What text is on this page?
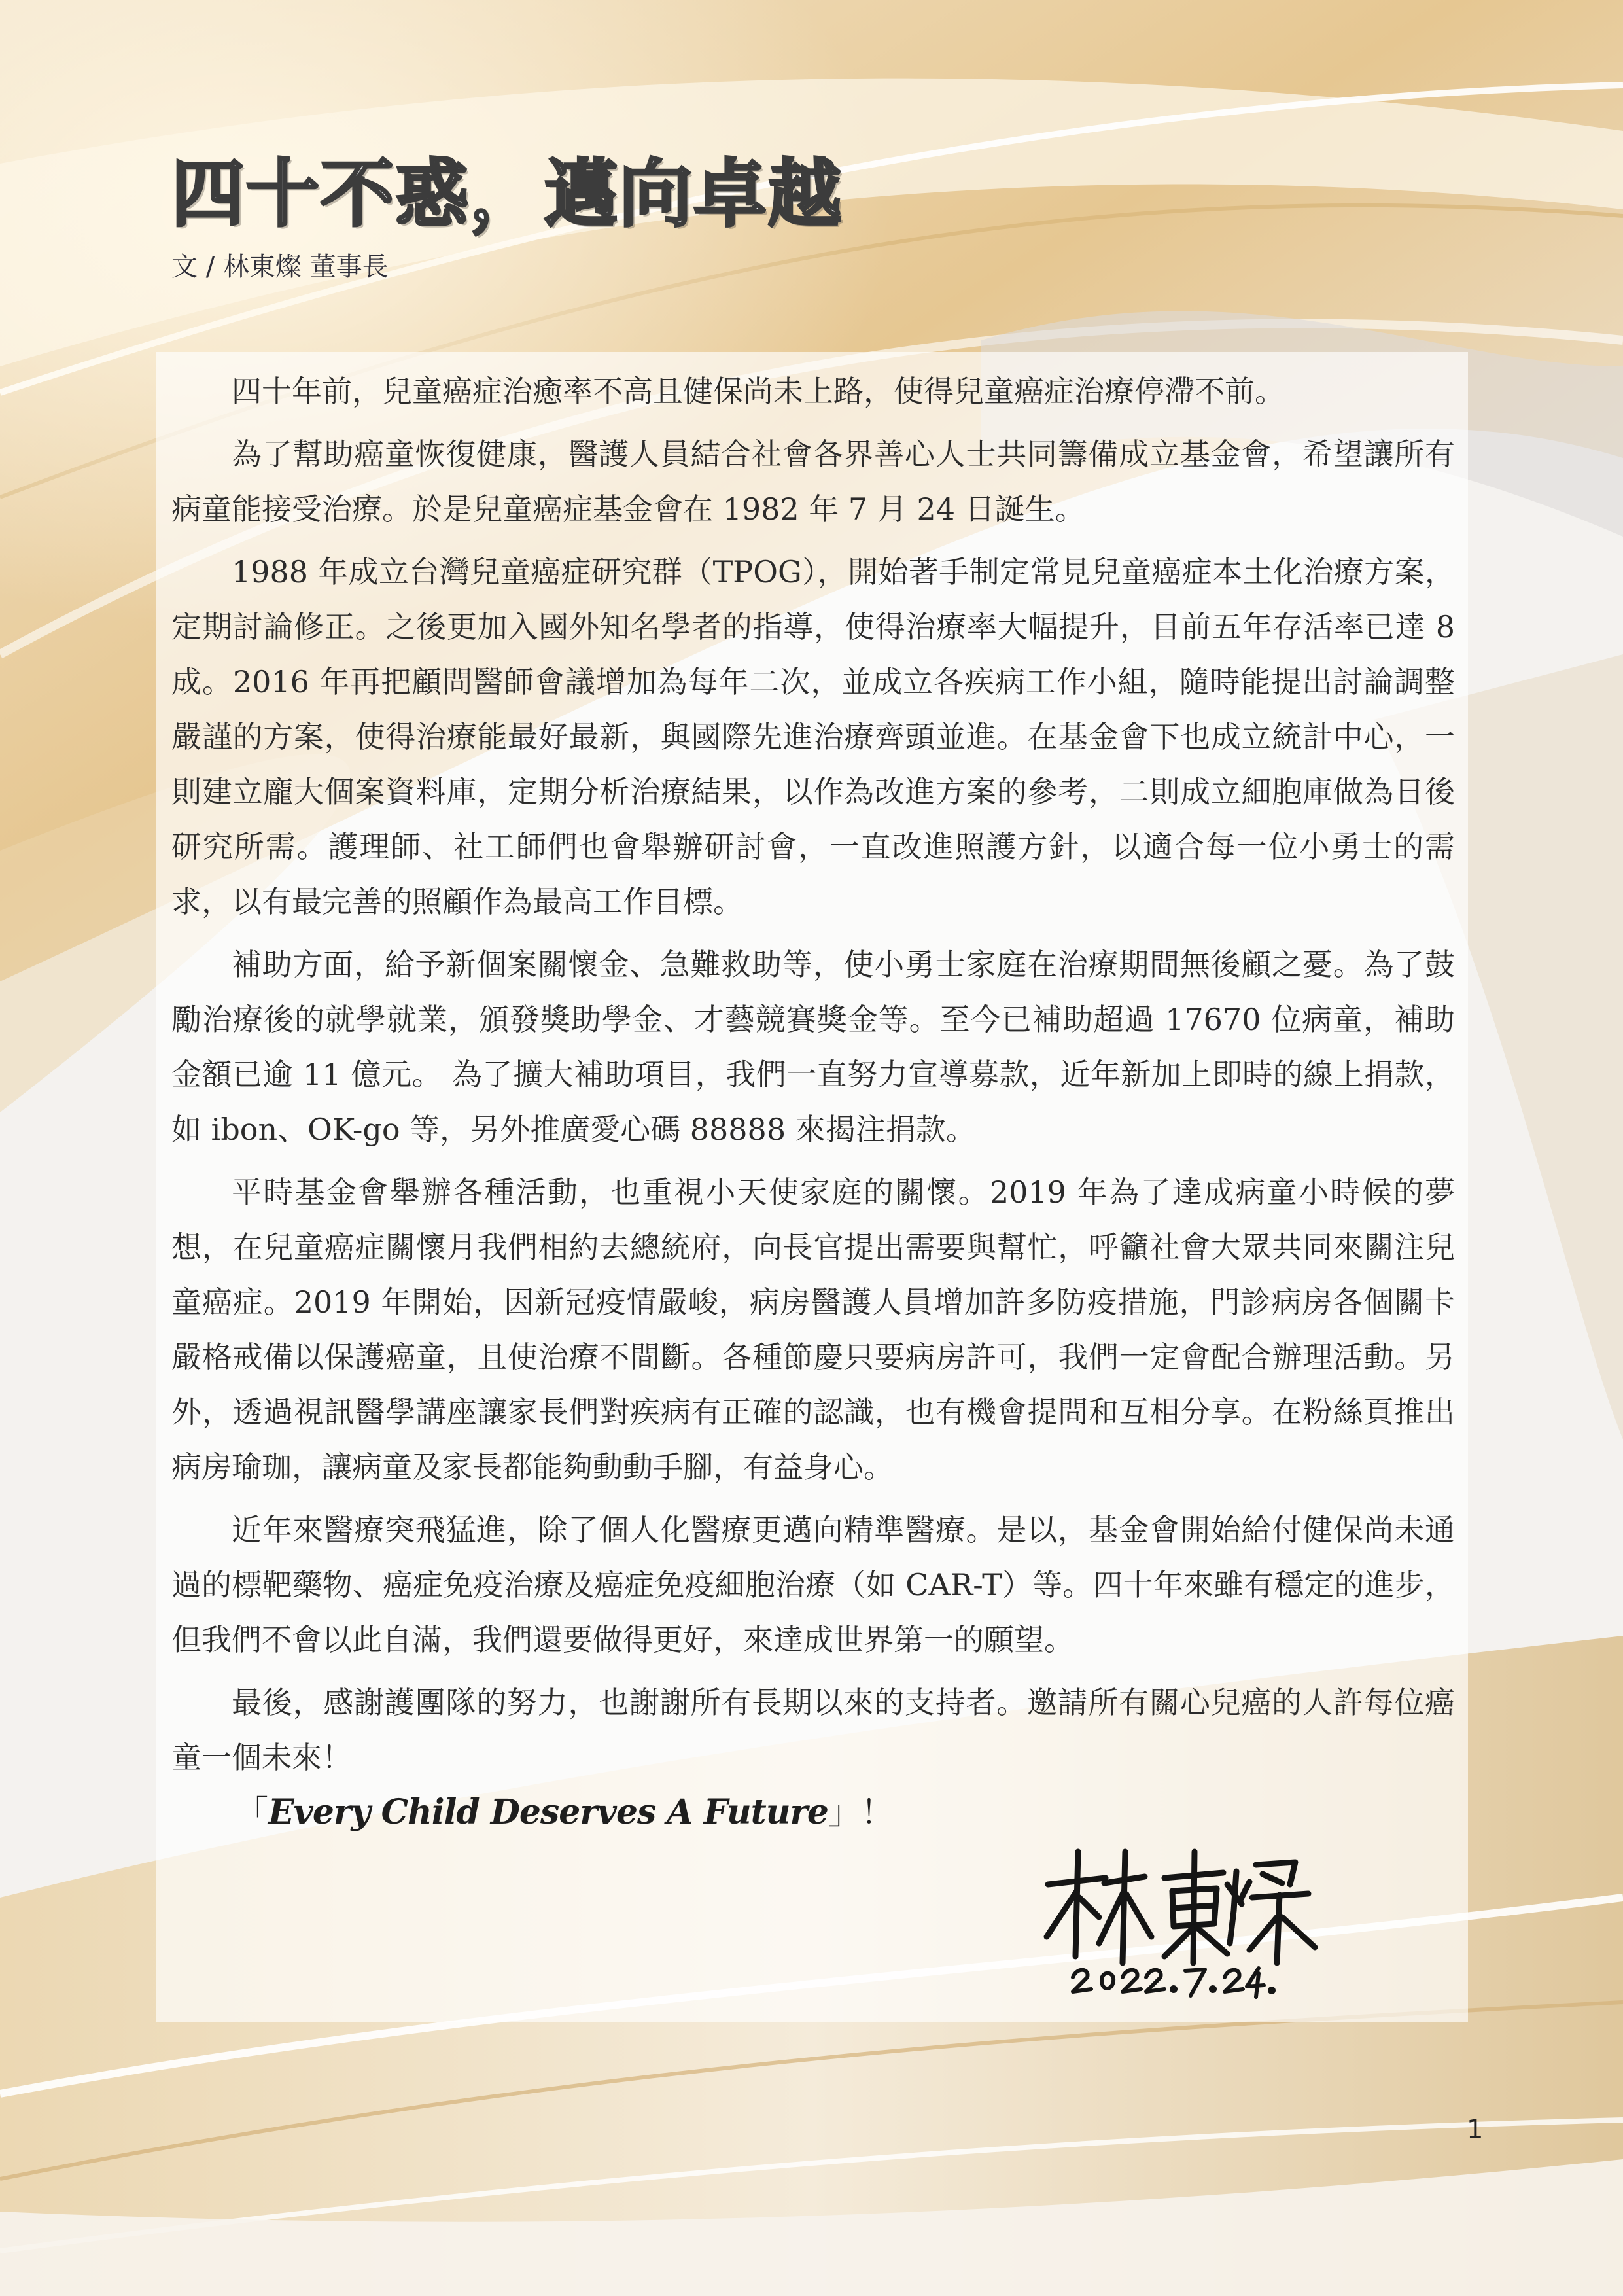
四十不惑，邁向卓越
文 / 林東燦 董事長

四十年前，兒童癌症治癒率不高且健保尚未上路，使得兒童癌症治療停滯不前。

為了幫助癌童恢復健康，醫護人員結合社會各界善心人士共同籌備成立基金會，希望讓所有病童能接受治療。於是兒童癌症基金會在 1982 年 7 月 24 日誕生。

1988 年成立台灣兒童癌症研究群（TPOG），開始著手制定常見兒童癌症本土化治療方案，定期討論修正。之後更加入國外知名學者的指導，使得治療率大幅提升，目前五年存活率已達 8 成。2016 年再把顧問醫師會議增加為每年二次，並成立各疾病工作小組，隨時能提出討論調整嚴謹的方案，使得治療能最好最新，與國際先進治療齊頭並進。在基金會下也成立統計中心，一則建立龐大個案資料庫，定期分析治療結果，以作為改進方案的參考，二則成立細胞庫做為日後研究所需。護理師、社工師們也會舉辦研討會，一直改進照護方針，以適合每一位小勇士的需求，以有最完善的照顧作為最高工作目標。

補助方面，給予新個案關懷金、急難救助等，使小勇士家庭在治療期間無後顧之憂。為了鼓勵治療後的就學就業，頒發獎助學金、才藝競賽獎金等。至今已補助超過 17670 位病童，補助金額已逾 11 億元。 為了擴大補助項目，我們一直努力宣導募款，近年新加上即時的線上捐款，如 ibon、OK-go 等，另外推廣愛心碼 88888 來揭注捐款。

平時基金會舉辦各種活動，也重視小天使家庭的關懷。2019 年為了達成病童小時候的夢想，在兒童癌症關懷月我們相約去總統府，向長官提出需要與幫忙，呼籲社會大眾共同來關注兒童癌症。2019 年開始，因新冠疫情嚴峻，病房醫護人員增加許多防疫措施，門診病房各個關卡嚴格戒備以保護癌童，且使治療不間斷。各種節慶只要病房許可，我們一定會配合辦理活動。另外，透過視訊醫學講座讓家長們對疾病有正確的認識，也有機會提問和互相分享。在粉絲頁推出病房瑜珈，讓病童及家長都能夠動動手腳，有益身心。

近年來醫療突飛猛進，除了個人化醫療更邁向精準醫療。是以，基金會開始給付健保尚未通過的標靶藥物、癌症免疫治療及癌症免疫細胞治療（如 CAR-T）等。四十年來雖有穩定的進步，但我們不會以此自滿，我們還要做得更好，來達成世界第一的願望。

最後，感謝護團隊的努力，也謝謝所有長期以來的支持者。邀請所有關心兒癌的人許每位癌童一個未來！

「Every Child Deserves A Future」！
1
